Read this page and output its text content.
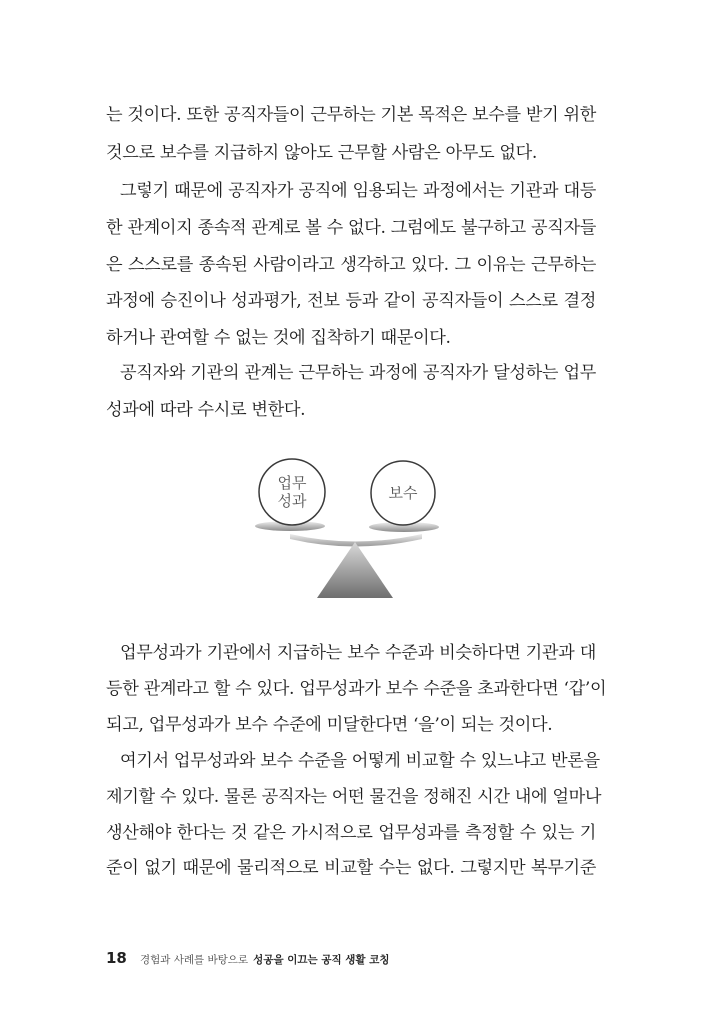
는 것이다. 또한 공직자들이 근무하는 기본 목적은 보수를 받기 위한
것으로 보수를 지급하지 않아도 근무할 사람은 아무도 없다.
그렇기 때문에 공직자가 공직에 임용되는 과정에서는 기관과 대등
한 관계이지 종속적 관계로 볼 수 없다. 그럼에도 불구하고 공직자들
은 스스로를 종속된 사람이라고 생각하고 있다. 그 이유는 근무하는
과정에 승진이나 성과평가, 전보 등과 같이 공직자들이 스스로 결정
하거나 관여할 수 없는 것에 집착하기 때문이다.
공직자와 기관의 관계는 근무하는 과정에 공직자가 달성하는 업무
성과에 따라 수시로 변한다.
업무성과가 기관에서 지급하는 보수 수준과 비슷하다면 기관과 대
등한 관계라고 할 수 있다. 업무성과가 보수 수준을 초과한다면 ‘갑’이
되고, 업무성과가 보수 수준에 미달한다면 ‘을’이 되는 것이다.
여기서 업무성과와 보수 수준을 어떻게 비교할 수 있느냐고 반론을
제기할 수 있다. 물론 공직자는 어떤 물건을 정해진 시간 내에 얼마나
생산해야 한다는 것 같은 가시적으로 업무성과를 측정할 수 있는 기
준이 없기 때문에 물리적으로 비교할 수는 없다. 그렇지만 복무기준
업무
성과	보수
18 경험과 사례를 바탕으로 성공을 이끄는 공직 생활 코칭
